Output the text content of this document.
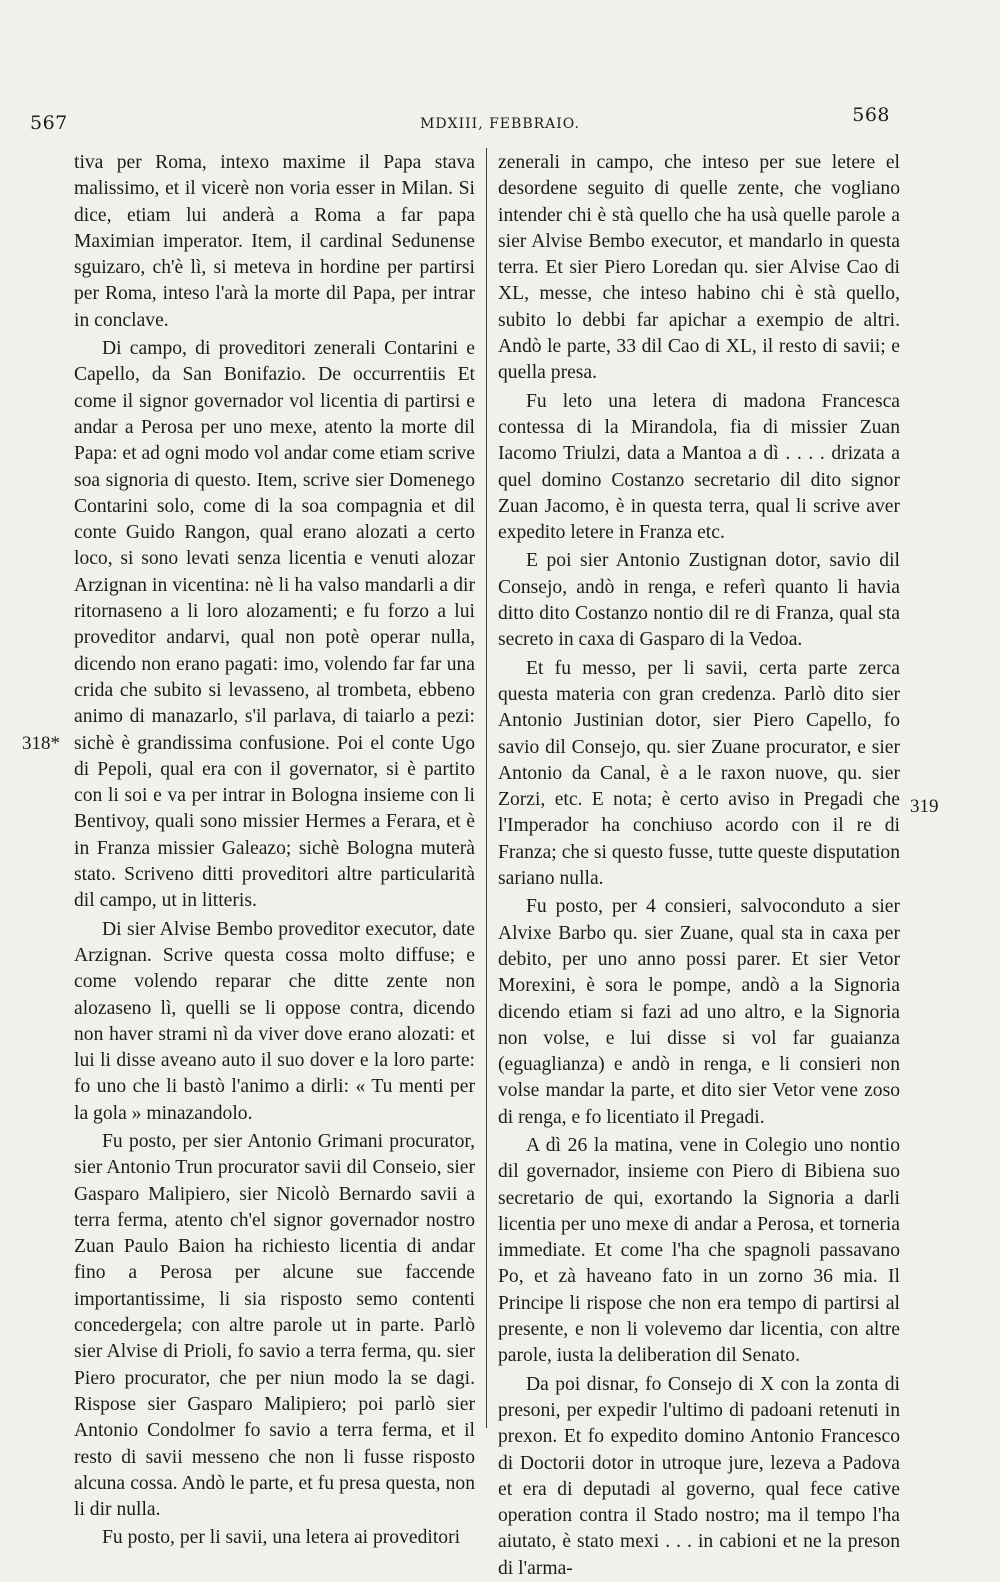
567	MDXIII, FEBBRAIO.	568
318*
319

tiva per Roma, intexo maxime il Papa stava malissimo, et il vicerè non voria esser in Milan. Si dice, etiam lui anderà a Roma a far papa Maximian imperator. Item, il cardinal Sedunense sguizaro, ch'è lì, si meteva in hordine per partirsi per Roma, inteso l'arà la morte dil Papa, per intrar in conclave.

Di campo, di proveditori zenerali Contarini e Capello, da San Bonifazio. De occurrentiis Et come il signor governador vol licentia di partirsi e andar a Perosa per uno mexe, atento la morte dil Papa: et ad ogni modo vol andar come etiam scrive soa signoria di questo. Item, scrive sier Domenego Contarini solo, come di la soa compagnia et dil conte Guido Rangon, qual erano alozati a certo loco, si sono levati senza licentia e venuti alozar Arzignan in vicentina: nè li ha valso mandarli a dir ritornaseno a li loro alozamenti; e fu forzo a lui proveditor andarvi, qual non potè operar nulla, dicendo non erano pagati: imo, volendo far far una crida che subito si levasseno, al trombeta, ebbeno animo di manazarlo, s'il parlava, di taiarlo a pezi: sichè è grandissima confusione. Poi el conte Ugo di Pepoli, qual era con il governator, si è partito con li soi e va per intrar in Bologna insieme con li Bentivoy, quali sono missier Hermes a Ferara, et è in Franza missier Galeazo; sichè Bologna muterà stato. Scriveno ditti proveditori altre particularità dil campo, ut in litteris.

Di sier Alvise Bembo proveditor executor, date Arzignan. Scrive questa cossa molto diffuse; e come volendo reparar che ditte zente non alozaseno lì, quelli se li oppose contra, dicendo non haver strami nì da viver dove erano alozati: et lui li disse aveano auto il suo dover e la loro parte: fo uno che li bastò l'animo a dirli: « Tu menti per la gola » minazandolo.

Fu posto, per sier Antonio Grimani procurator, sier Antonio Trun procurator savii dil Conseio, sier Gasparo Malipiero, sier Nicolò Bernardo savii a terra ferma, atento ch'el signor governador nostro Zuan Paulo Baion ha richiesto licentia di andar fino a Perosa per alcune sue faccende importantissime, li sia risposto semo contenti concedergela; con altre parole ut in parte. Parlò sier Alvise di Prioli, fo savio a terra ferma, qu. sier Piero procurator, che per niun modo la se dagi. Rispose sier Gasparo Malipiero; poi parlò sier Antonio Condolmer fo savio a terra ferma, et il resto di savii messeno che non li fusse risposto alcuna cossa. Andò le parte, et fu presa questa, non li dir nulla.

Fu posto, per li savii, una letera ai proveditori

zenerali in campo, che inteso per sue letere el desordene seguito di quelle zente, che vogliano intender chi è stà quello che ha usà quelle parole a sier Alvise Bembo executor, et mandarlo in questa terra. Et sier Piero Loredan qu. sier Alvise Cao di XL, messe, che inteso habino chi è stà quello, subito lo debbi far apichar a exempio de altri. Andò le parte, 33 dil Cao di XL, il resto di savii; e quella presa.

Fu leto una letera di madona Francesca contessa di la Mirandola, fia di missier Zuan Iacomo Triulzi, data a Mantoa a dì . . . . drizata a quel domino Costanzo secretario dil dito signor Zuan Jacomo, è in questa terra, qual li scrive aver expedito letere in Franza etc.

E poi sier Antonio Zustignan dotor, savio dil Consejo, andò in renga, e referì quanto li havia ditto dito Costanzo nontio dil re di Franza, qual sta secreto in caxa di Gasparo di la Vedoa.

Et fu messo, per li savii, certa parte zerca questa materia con gran credenza. Parlò dito sier Antonio Justinian dotor, sier Piero Capello, fo savio dil Consejo, qu. sier Zuane procurator, e sier Antonio da Canal, è a le raxon nuove, qu. sier Zorzi, etc. E nota; è certo aviso in Pregadi che l'Imperador ha conchiuso acordo con il re di Franza; che si questo fusse, tutte queste disputation sariano nulla.

Fu posto, per 4 consieri, salvoconduto a sier Alvixe Barbo qu. sier Zuane, qual sta in caxa per debito, per uno anno possi parer. Et sier Vetor Morexini, è sora le pompe, andò a la Signoria dicendo etiam si fazi ad uno altro, e la Signoria non volse, e lui disse si vol far guaianza (eguaglianza) e andò in renga, e li consieri non volse mandar la parte, et dito sier Vetor vene zoso di renga, e fo licentiato il Pregadi.

A dì 26 la matina, vene in Colegio uno nontio dil governador, insieme con Piero di Bibiena suo secretario de qui, exortando la Signoria a darli licentia per uno mexe di andar a Perosa, et torneria immediate. Et come l'ha che spagnoli passavano Po, et zà haveano fato in un zorno 36 mia. Il Principe li rispose che non era tempo di partirsi al presente, e non li volevemo dar licentia, con altre parole, iusta la deliberation dil Senato.

Da poi disnar, fo Consejo di X con la zonta di presoni, per expedir l'ultimo di padoani retenuti in prexon. Et fo expedito domino Antonio Francesco di Doctorii dotor in utroque jure, lezeva a Padova et era di deputadi al governo, qual fece cative operation contra il Stado nostro; ma il tempo l'ha aiutato, è stato mexi . . . in cabioni et ne la preson di l'arma-
